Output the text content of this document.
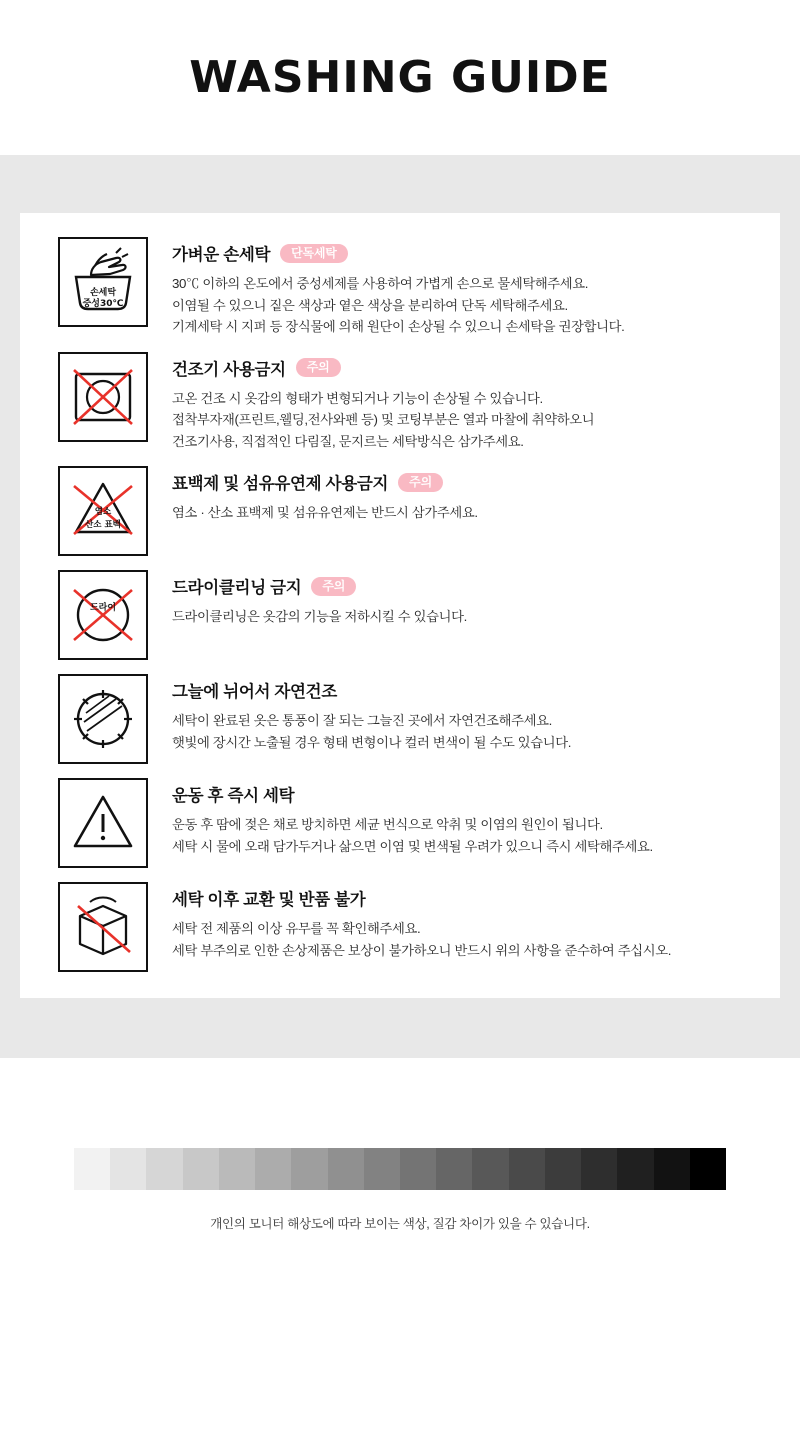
WASHING GUIDE
손세탁
중성30℃
가벼운 손세탁	단독세탁
30℃ 이하의 온도에서 중성세제를 사용하여 가볍게 손으로 물세탁해주세요.
이염될 수 있으니 짙은 색상과 옅은 색상을 분리하여 단독 세탁해주세요.
기계세탁 시 지퍼 등 장식물에 의해 원단이 손상될 수 있으니 손세탁을 권장합니다.
건조기 사용금지	주의
고온 건조 시 옷감의 형태가 변형되거나 기능이 손상될 수 있습니다.
접착부자재(프린트,웰딩,전사와펜 등) 및 코팅부분은 열과 마찰에 취약하오니
건조기사용, 직접적인 다림질, 문지르는 세탁방식은 삼가주세요.
염소
산소 표백
표백제 및 섬유유연제 사용금지	주의
염소 · 산소 표백제 및 섬유유연제는 반드시 삼가주세요.
드라이
드라이클리닝 금지	주의
드라이클리닝은 옷감의 기능을 저하시킬 수 있습니다.
그늘에 뉘어서 자연건조
세탁이 완료된 옷은 통풍이 잘 되는 그늘진 곳에서 자연건조해주세요.
햇빛에 장시간 노출될 경우 형태 변형이나 컬러 변색이 될 수도 있습니다.
운동 후 즉시 세탁
운동 후 땀에 젖은 채로 방치하면 세균 번식으로 악취 및 이염의 원인이 됩니다.
세탁 시 물에 오래 담가두거나 삶으면 이염 및 변색될 우려가 있으니 즉시 세탁해주세요.
세탁 이후 교환 및 반품 불가
세탁 전 제품의 이상 유무를 꼭 확인해주세요.
세탁 부주의로 인한 손상제품은 보상이 불가하오니 반드시 위의 사항을 준수하여 주십시오.
개인의 모니터 해상도에 따라 보이는 색상, 질감 차이가 있을 수 있습니다.
